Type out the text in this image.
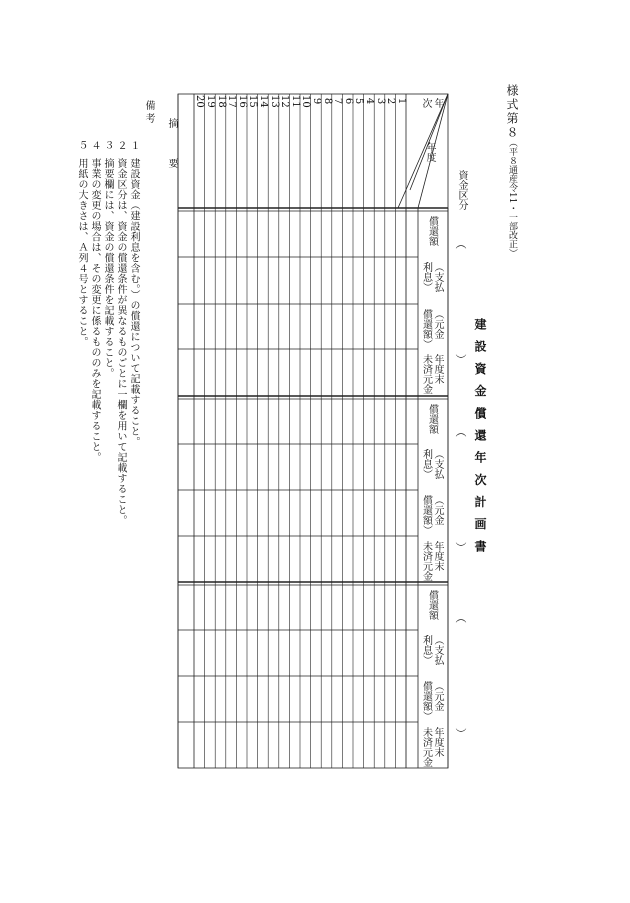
様式第８
（平８通産令11・一部改正）
建 設 資 金 償 還 年 次 計 画 書
資金区分
年度
年
次
1
2
3
4
5
6
7
8
9
10
11
12
13
14
15
16
17
18
19
20
摘　　　要
（
）
償還額
（支払
利息）
（元金
償還額）
年度末
未済元金
（
）
償還額
（支払
利息）
（元金
償還額）
年度末
未済元金
（
）
償還額
（支払
利息）
（元金
償還額）
年度末
未済元金
備考
１
建設資金（建設利息を含む。）の償還について記載すること。
２
資金区分は、資金の償還条件が異なるものごとに一欄を用いて記載すること。
３
摘要欄には、資金の償還条件を記載すること。
４
事業の変更の場合は、その変更に係るもののみを記載すること。
５
用紙の大きさは、Ａ列４号とすること。
